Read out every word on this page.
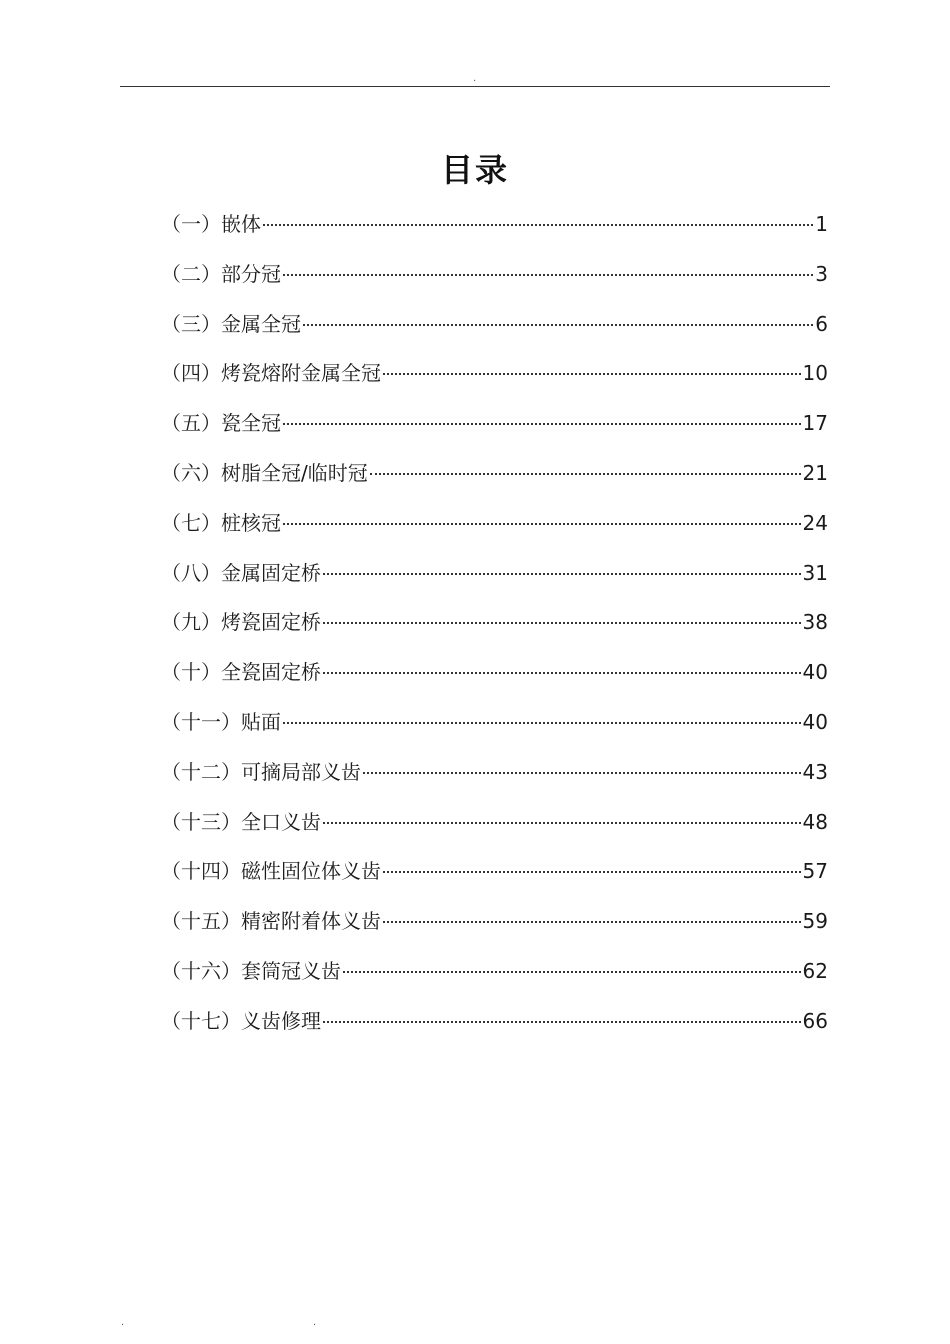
.
目录
（一）嵌体	1
（二）部分冠	3
（三）金属全冠	6
（四）烤瓷熔附金属全冠	10
（五）瓷全冠	17
（六）树脂全冠/临时冠	21
（七）桩核冠	24
（八）金属固定桥	31
（九）烤瓷固定桥	38
（十）全瓷固定桥	40
（十一）贴面	40
（十二）可摘局部义齿	43
（十三）全口义齿	48
（十四）磁性固位体义齿	57
（十五）精密附着体义齿	59
（十六）套筒冠义齿	62
（十七）义齿修理	66
.	.
